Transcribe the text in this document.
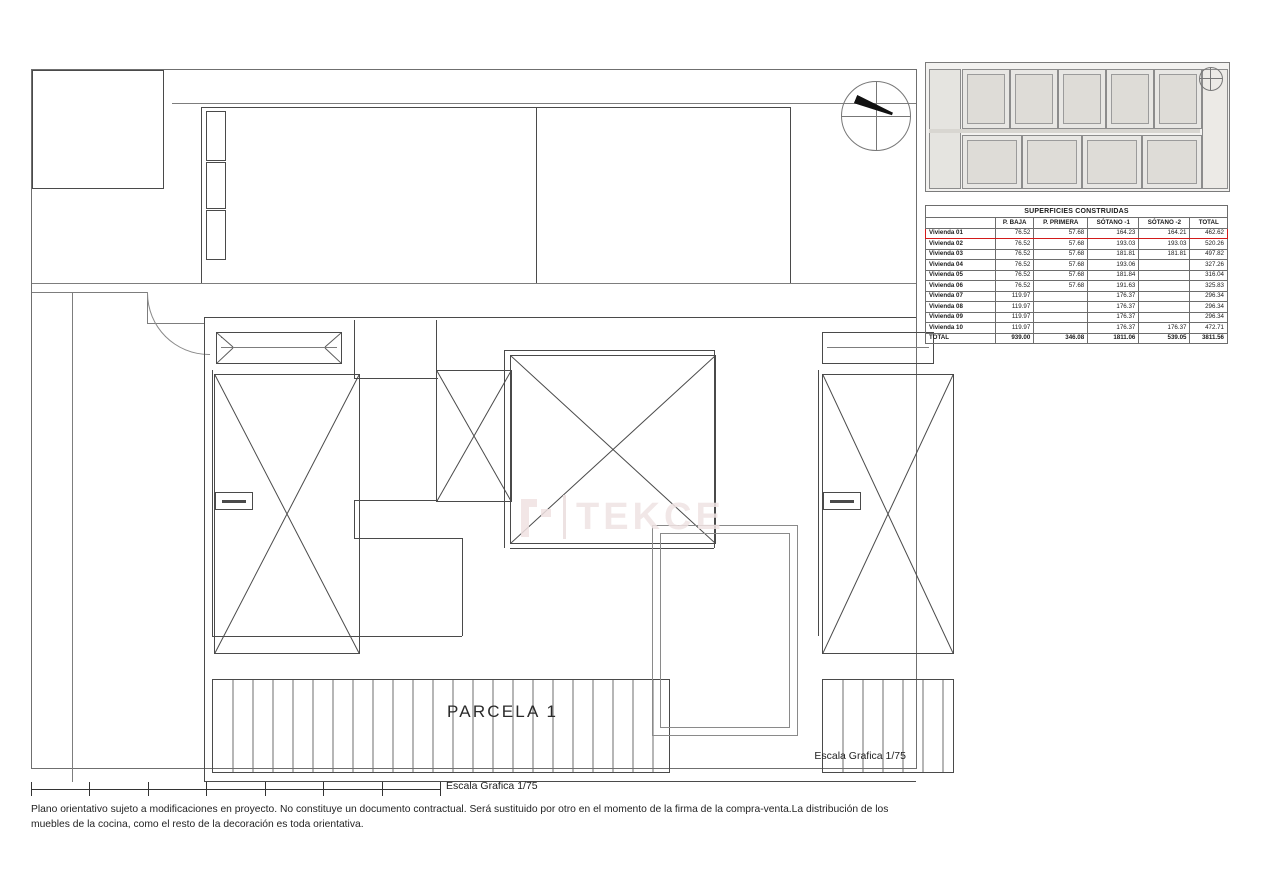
TEKCE
PARCELA 1
Escala Grafica 1/75
SUPERFICIES CONSTRUIDAS					
	P. BAJA	P. PRIMERA	SÓTANO -1	SÓTANO -2	TOTAL
Vivienda 01	76.52	57.68	164.23	164.21	462.62
Vivienda 02	76.52	57.68	193.03	193.03	520.26
Vivienda 03	76.52	57.68	181.81	181.81	497.82
Vivienda 04	76.52	57.68	193.06		327.26
Vivienda 05	76.52	57.68	181.84		316.04
Vivienda 06	76.52	57.68	191.63		325.83
Vivienda 07	119.97		176.37		296.34
Vivienda 08	119.97		176.37		296.34
Vivienda 09	119.97		176.37		296.34
Vivienda 10	119.97		176.37	176.37	472.71
TOTAL	939.00	346.08	1811.06	539.05	3811.56
Escala Grafica 1/75
Plano orientativo sujeto a modificaciones en proyecto. No constituye un documento contractual. Será sustituido por otro en el momento de la firma de la compra-venta.La distribución de los muebles de la cocina, como el resto de la decoración es toda orientativa.
